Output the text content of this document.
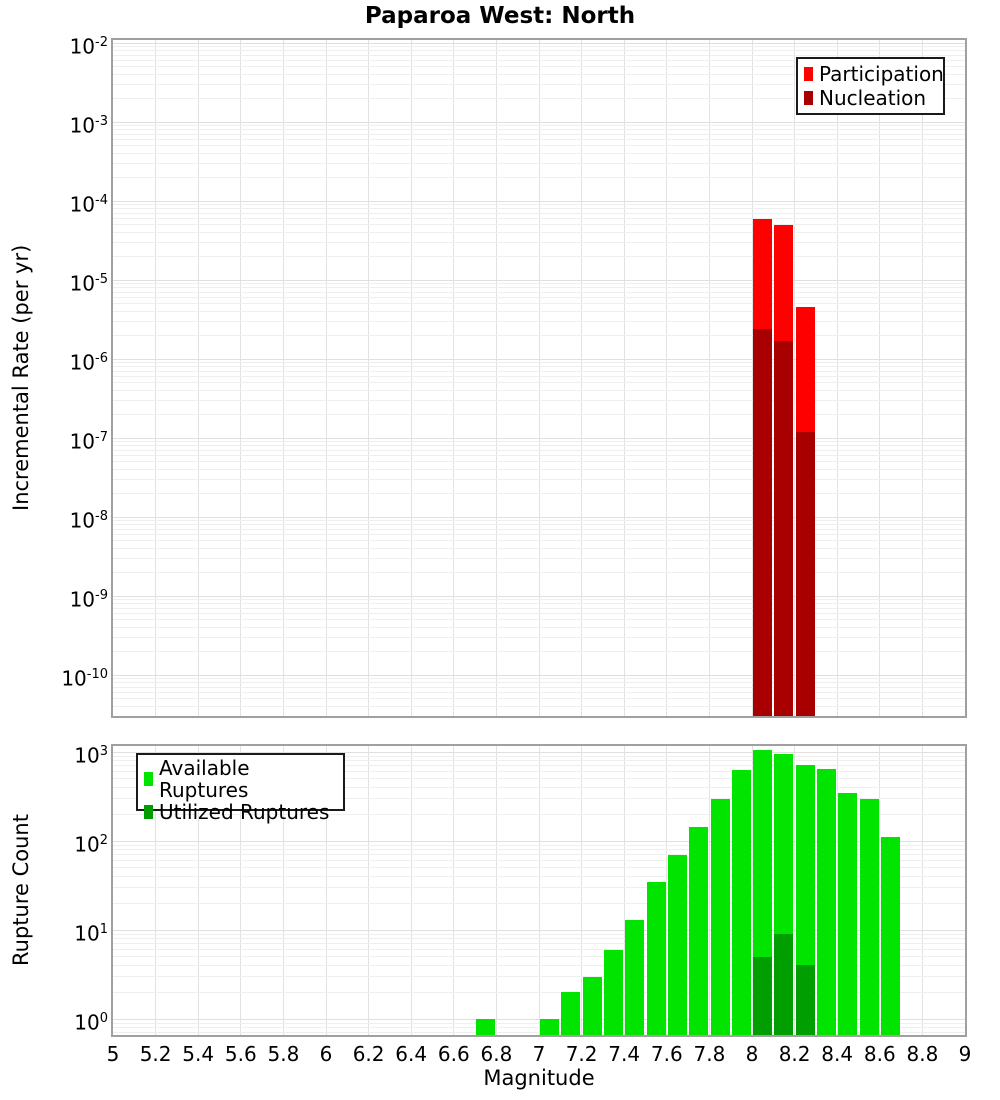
Paparoa West: North
Incremental Rate (per yr)
Rupture Count
Magnitude
Participation
Nucleation
Available Ruptures
Utilized Ruptures
$10^{-2}$
$10^{-3}$
$10^{-4}$
$10^{-5}$
$10^{-6}$
$10^{-7}$
$10^{-8}$
$10^{-9}$
$10^{-10}$
$10^0$
$10^1$
$10^2$
$10^3$
5	5.2 5.4 5.6 5.8	6	6.2 6.4 6.6 6.8	7	7.2 7.4 7.6 7.8	8	8.2 8.4 8.6 8.8	9
